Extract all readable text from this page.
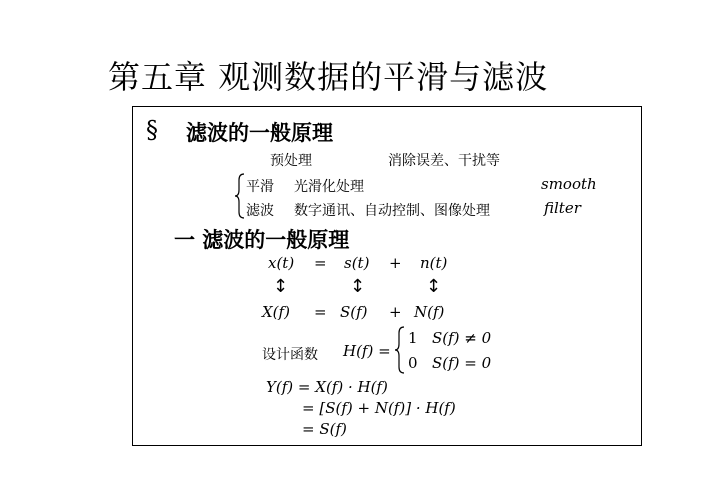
第五章 观测数据的平滑与滤波
§ 滤波的一般原理
预处理	消除误差、干扰等
平滑 光滑化处理	smooth
滤波 数字通讯、自动控制、图像处理	filter
一 滤波的一般原理
x(t) = s(t) + n(t)
↕	↕	↕
X(f) = S(f) + N(f)
设计函数 H(f) =
1 S(f) ≠ 0
0 S(f) = 0
Y(f) = X(f) · H(f)
= [S(f) + N(f)] · H(f)
= S(f)
